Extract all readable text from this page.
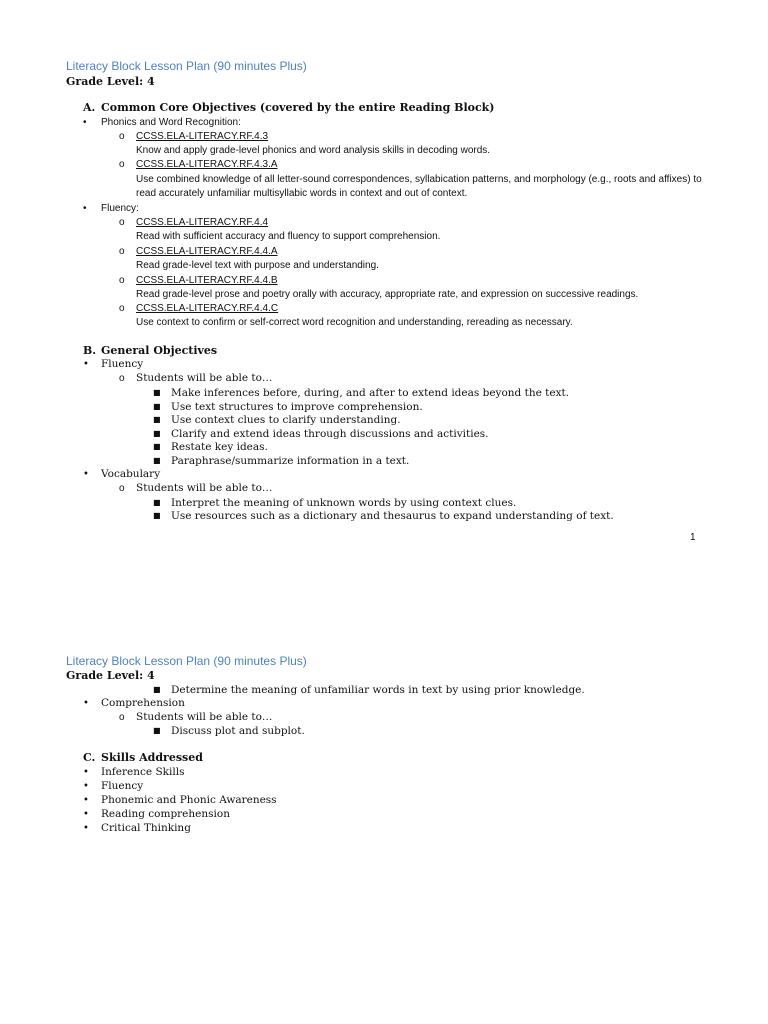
Literacy Block Lesson Plan (90 minutes Plus)
Grade Level: 4
A. Common Core Objectives (covered by the entire Reading Block)
• Phonics and Word Recognition:
o CCSS.ELA-LITERACY.RF.4.3
Know and apply grade-level phonics and word analysis skills in decoding words.
o CCSS.ELA-LITERACY.RF.4.3.A
Use combined knowledge of all letter-sound correspondences, syllabication patterns, and morphology (e.g., roots and affixes) to read accurately unfamiliar multisyllabic words in context and out of context.
• Fluency:
o CCSS.ELA-LITERACY.RF.4.4
Read with sufficient accuracy and fluency to support comprehension.
o CCSS.ELA-LITERACY.RF.4.4.A
Read grade-level text with purpose and understanding.
o CCSS.ELA-LITERACY.RF.4.4.B
Read grade-level prose and poetry orally with accuracy, appropriate rate, and expression on successive readings.
o CCSS.ELA-LITERACY.RF.4.4.C
Use context to confirm or self-correct word recognition and understanding, rereading as necessary.
B. General Objectives
• Fluency
o Students will be able to…
■ Make inferences before, during, and after to extend ideas beyond the text.
■ Use text structures to improve comprehension.
■ Use context clues to clarify understanding.
■ Clarify and extend ideas through discussions and activities.
■ Restate key ideas.
■ Paraphrase/summarize information in a text.
• Vocabulary
o Students will be able to…
■ Interpret the meaning of unknown words by using context clues.
■ Use resources such as a dictionary and thesaurus to expand understanding of text.
1
Literacy Block Lesson Plan (90 minutes Plus)
Grade Level: 4
■ Determine the meaning of unfamiliar words in text by using prior knowledge.
• Comprehension
o Students will be able to…
■ Discuss plot and subplot.
C. Skills Addressed
• Inference Skills
• Fluency
• Phonemic and Phonic Awareness
• Reading comprehension
• Critical Thinking
